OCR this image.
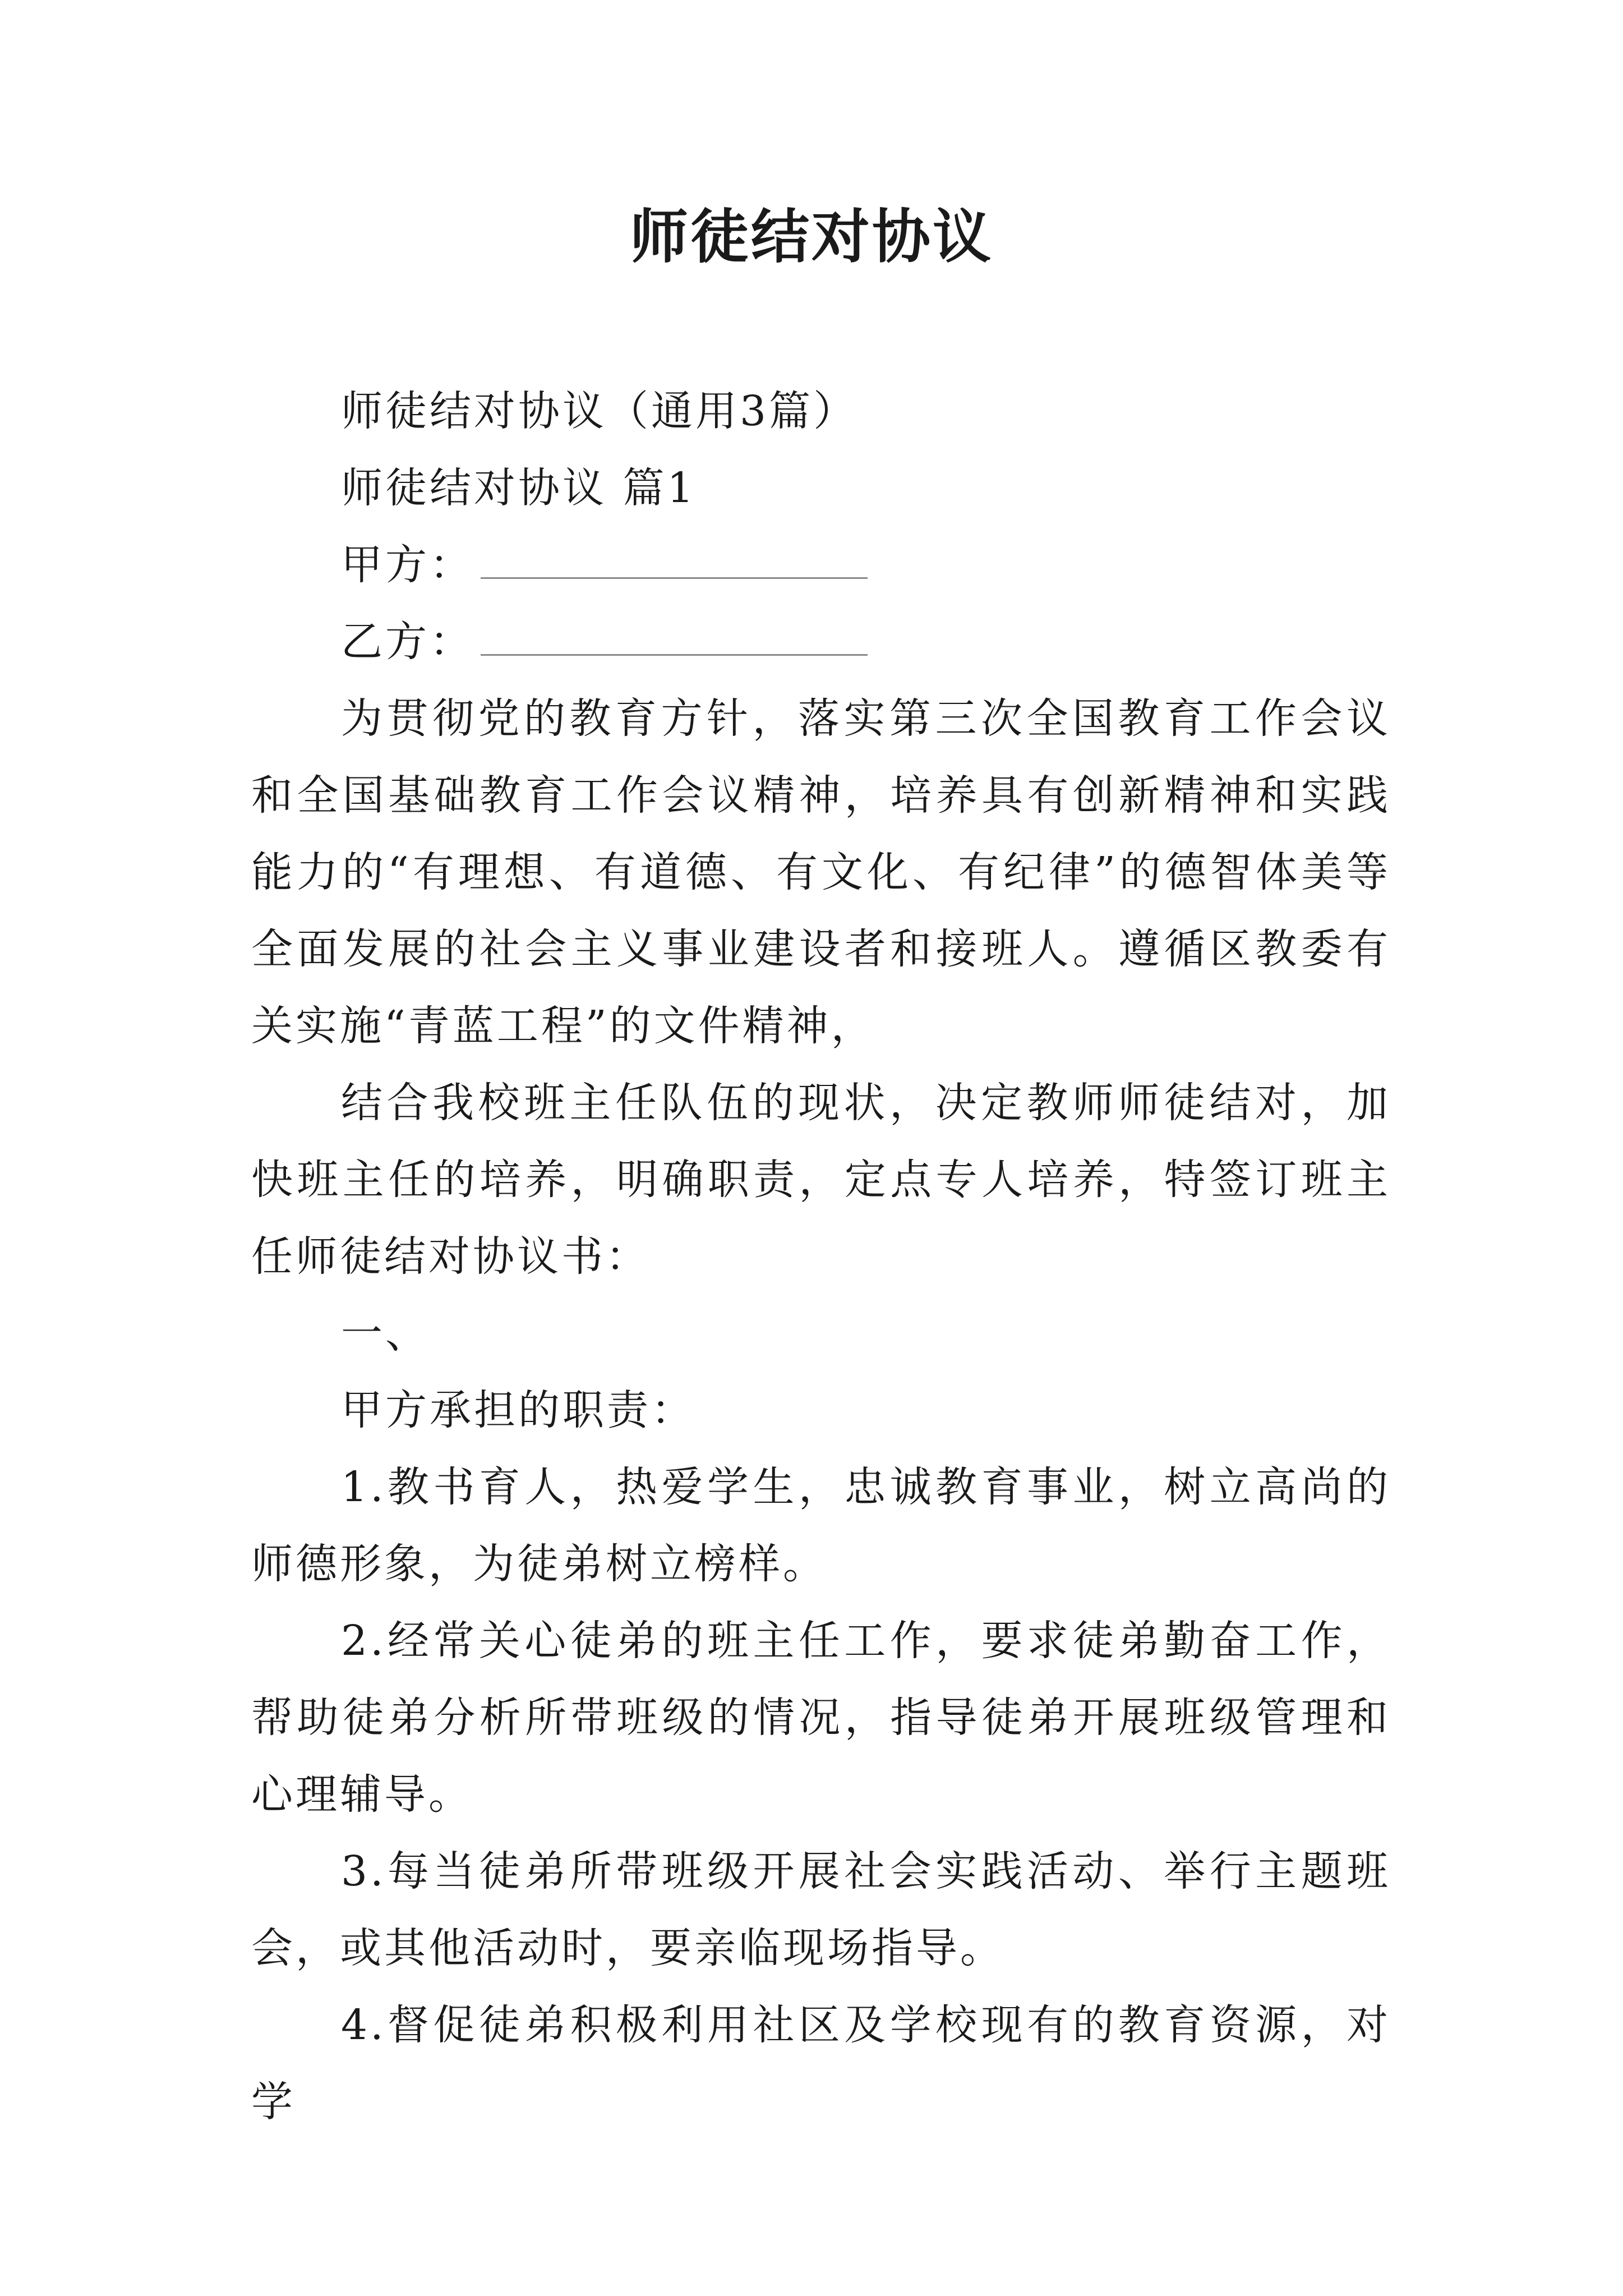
师徒结对协议

师徒结对协议（通用3篇）

师徒结对协议 篇1

甲方：

乙方：

为贯彻党的教育方针，落实第三次全国教育工作会议和全国基础教育工作会议精神，培养具有创新精神和实践能力的“有理想、有道德、有文化、有纪律”的德智体美等全面发展的社会主义事业建设者和接班人。遵循区教委有关实施“青蓝工程”的文件精神，

结合我校班主任队伍的现状，决定教师师徒结对，加快班主任的培养，明确职责，定点专人培养，特签订班主任师徒结对协议书：

一、

甲方承担的职责：

1.教书育人，热爱学生，忠诚教育事业，树立高尚的师德形象，为徒弟树立榜样。

2.经常关心徒弟的班主任工作，要求徒弟勤奋工作，帮助徒弟分析所带班级的情况，指导徒弟开展班级管理和心理辅导。

3.每当徒弟所带班级开展社会实践活动、举行主题班会，或其他活动时，要亲临现场指导。

4.督促徒弟积极利用社区及学校现有的教育资源，对学
